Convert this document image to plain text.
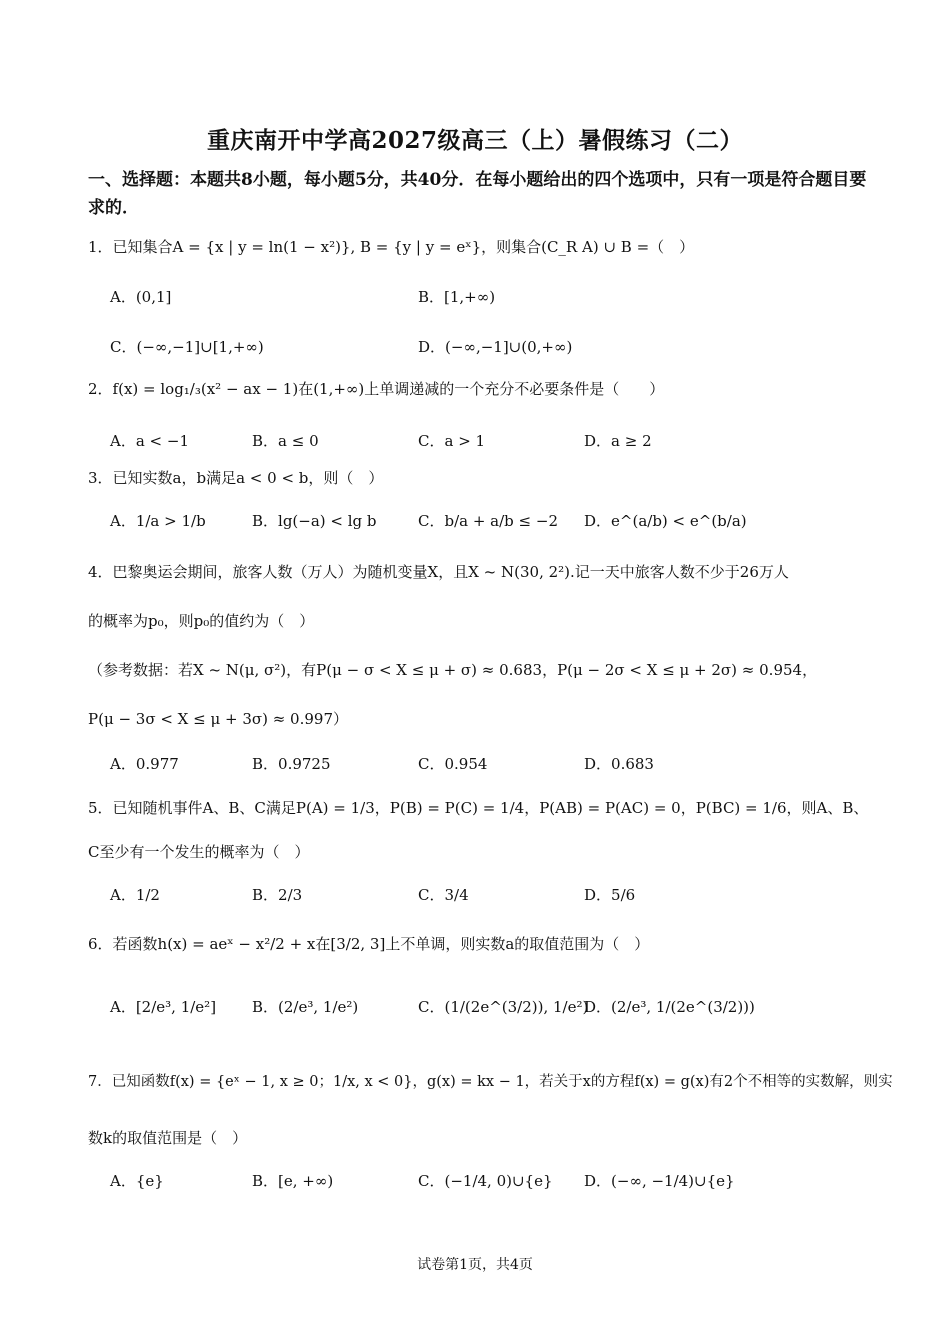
重庆南开中学高2027级高三（上）暑假练习（二）
一、选择题：本题共8小题，每小题5分，共40分．在每小题给出的四个选项中，只有一项是符合题目要求的．
1．已知集合A = {x | y = ln(1 − x²)}, B = {y | y = eˣ}，则集合(C_R A) ∪ B =（　）
A．(0,1]	B．[1,+∞)
C．(−∞,−1]∪[1,+∞)	D．(−∞,−1]∪(0,+∞)
2．f(x) = log₁/₃(x² − ax − 1)在(1,+∞)上单调递减的一个充分不必要条件是（　　）
A．a < −1	B．a ≤ 0	C．a > 1	D．a ≥ 2
3．已知实数a，b满足a < 0 < b，则（　）
A．1/a > 1/b	B．lg(−a) < lg b	C．b/a + a/b ≤ −2 D．e^(a/b) < e^(b/a)
4．巴黎奥运会期间，旅客人数（万人）为随机变量X，且X ~ N(30, 2²).记一天中旅客人数不少于26万人
的概率为p₀，则p₀的值约为（　）
（参考数据：若X ~ N(μ, σ²)，有P(μ − σ < X ≤ μ + σ) ≈ 0.683，P(μ − 2σ < X ≤ μ + 2σ) ≈ 0.954，
P(μ − 3σ < X ≤ μ + 3σ) ≈ 0.997）
A．0.977	B．0.9725	C．0.954	D．0.683
5．已知随机事件A、B、C满足P(A) = 1/3，P(B) = P(C) = 1/4，P(AB) = P(AC) = 0，P(BC) = 1/6，则A、B、
C至少有一个发生的概率为（　）
A．1/2	B．2/3	C．3/4	D．5/6
6．若函数h(x) = aeˣ − x²/2 + x在[3/2, 3]上不单调，则实数a的取值范围为（　）
A．[2/e³, 1/e²] B．(2/e³, 1/e²)	C．(1/(2e^(3/2)), 1/e²)
D．(2/e³, 1/(2e^(3/2)))
7．已知函数f(x) = {eˣ − 1, x ≥ 0；1/x, x < 0}，g(x) = kx − 1，若关于x的方程f(x) = g(x)有2个不相等的实数解，则实
数k的取值范围是（　）
A．{e}	B．[e, +∞)	C．(−1/4, 0)∪{e} D．(−∞, −1/4)∪{e}
试卷第1页，共4页
